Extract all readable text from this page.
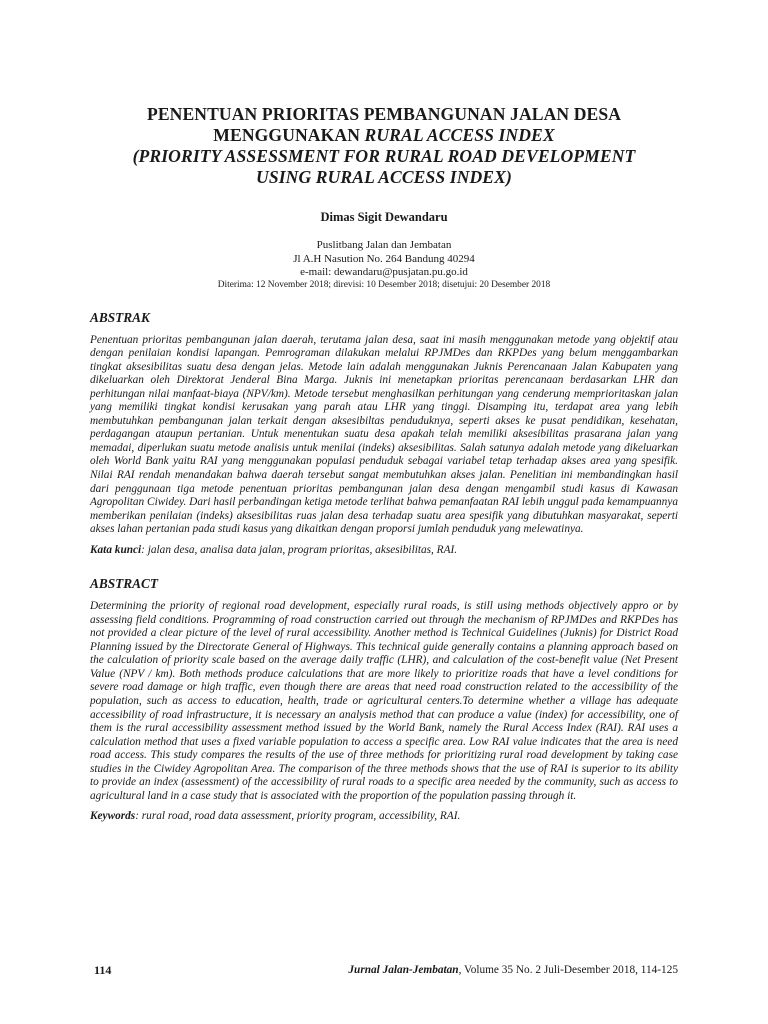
PENENTUAN PRIORITAS PEMBANGUNAN JALAN DESA
MENGGUNAKAN RURAL ACCESS INDEX
(PRIORITY ASSESSMENT FOR RURAL ROAD DEVELOPMENT
USING RURAL ACCESS INDEX)
Dimas Sigit Dewandaru
Puslitbang Jalan dan Jembatan
Jl A.H Nasution No. 264 Bandung 40294
e-mail: dewandaru@pusjatan.pu.go.id
Diterima: 12 November 2018; direvisi: 10 Desember 2018; disetujui: 20 Desember 2018
ABSTRAK
Penentuan prioritas pembangunan jalan daerah, terutama jalan desa, saat ini masih menggunakan metode yang objektif atau dengan penilaian kondisi lapangan. Pemrograman dilakukan melalui RPJMDes dan RKPDes yang belum menggambarkan tingkat aksesibilitas suatu desa dengan jelas. Metode lain adalah menggunakan Juknis Perencanaan Jalan Kabupaten yang dikeluarkan oleh Direktorat Jenderal Bina Marga. Juknis ini menetapkan prioritas perencanaan berdasarkan LHR dan perhitungan nilai manfaat-biaya (NPV/km). Metode tersebut menghasilkan perhitungan yang cenderung memprioritaskan jalan yang memiliki tingkat kondisi kerusakan yang parah atau LHR yang tinggi. Disamping itu, terdapat area yang lebih membutuhkan pembangunan jalan terkait dengan aksesibiltas penduduknya, seperti akses ke pusat pendidikan, kesehatan, perdagangan ataupun pertanian. Untuk menentukan suatu desa apakah telah memiliki aksesibilitas prasarana jalan yang memadai, diperlukan suatu metode analisis untuk menilai (indeks) aksesibilitas. Salah satunya adalah metode yang dikeluarkan oleh World Bank yaitu RAI yang menggunakan populasi penduduk sebagai variabel tetap terhadap akses area yang spesifik. Nilai RAI rendah menandakan bahwa daerah tersebut sangat membutuhkan akses jalan. Penelitian ini membandingkan hasil dari penggunaan tiga metode penentuan prioritas pembangunan jalan desa dengan mengambil studi kasus di Kawasan Agropolitan Ciwidey. Dari hasil perbandingan ketiga metode terlihat bahwa pemanfaatan RAI lebih unggul pada kemampuannya memberikan penilaian (indeks) aksesibilitas ruas jalan desa terhadap suatu area spesifik yang dibutuhkan masyarakat, seperti akses lahan pertanian pada studi kasus yang dikaitkan dengan proporsi jumlah penduduk yang melewatinya.
Kata kunci: jalan desa, analisa data jalan, program prioritas, aksesibilitas, RAI.
ABSTRACT
Determining the priority of regional road development, especially rural roads, is still using methods objectively appro or by assessing field conditions. Programming of road construction carried out through the mechanism of RPJMDes and RKPDes has not provided a clear picture of the level of rural accessibility. Another method is Technical Guidelines (Juknis) for District Road Planning issued by the Directorate General of Highways. This technical guide generally contains a planning approach based on the calculation of priority scale based on the average daily traffic (LHR), and calculation of the cost-benefit value (Net Present Value (NPV / km). Both methods produce calculations that are more likely to prioritize roads that have a level conditions for severe road damage or high traffic, even though there are areas that need road construction related to the accessibility of the population, such as access to education, health, trade or agricultural centers.To determine whether a village has adequate accessibility of road infrastructure, it is necessary an analysis method that can produce a value (index) for accessibility, one of them is the rural accessibility assessment method issued by the World Bank, namely the Rural Access Index (RAI). RAI uses a calculation method that uses a fixed variable population to access a specific area. Low RAI value indicates that the area is need road access. This study compares the results of the use of three methods for prioritizing rural road development by taking case studies in the Ciwidey Agropolitan Area. The comparison of the three methods shows that the use of RAI is superior to its ability to provide an index (assessment) of the accessibility of rural roads to a specific area needed by the community, such as access to agricultural land in a case study that is associated with the proportion of the population passing through it.
Keywords: rural road, road data assessment, priority program, accessibility, RAI.
114	Jurnal Jalan-Jembatan, Volume 35 No. 2 Juli-Desember 2018, 114-125
